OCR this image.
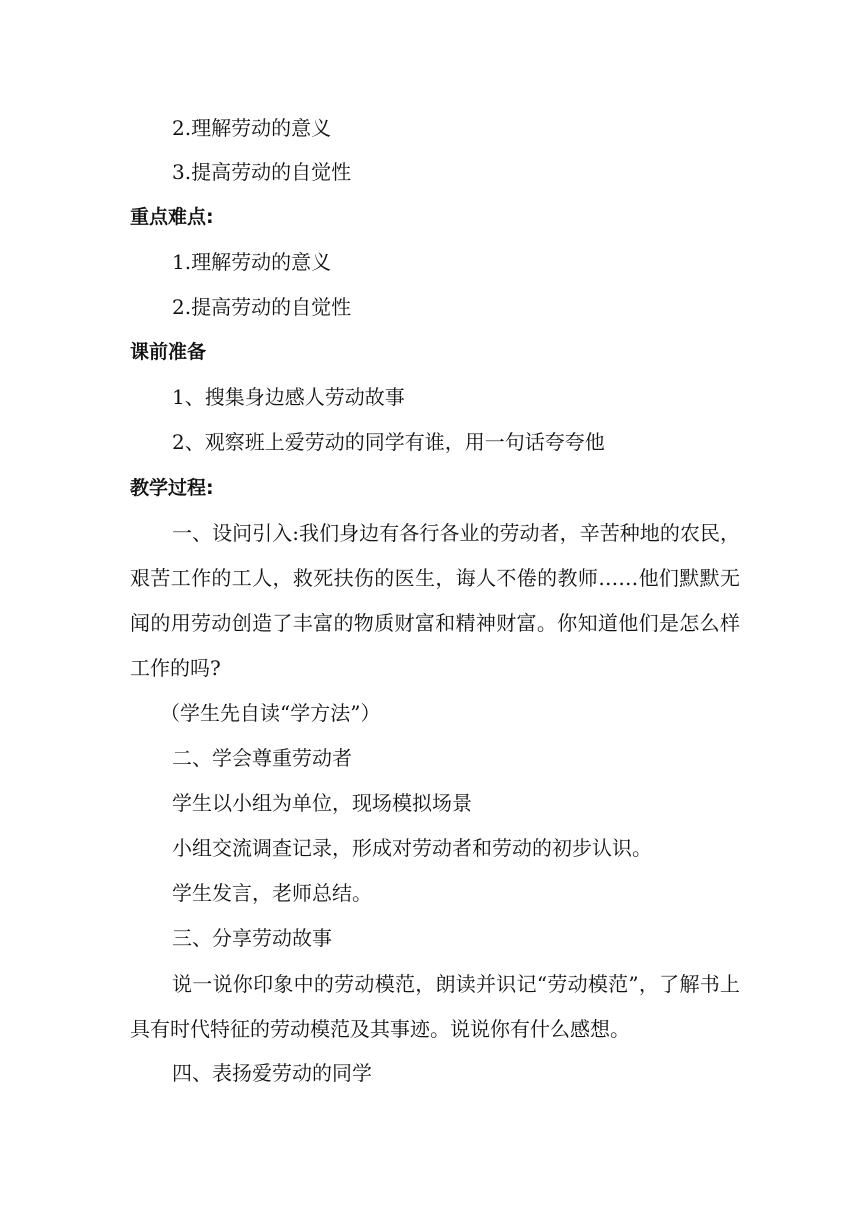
2.理解劳动的意义
3.提高劳动的自觉性
重点难点:
1.理解劳动的意义
2.提高劳动的自觉性
课前准备
1、搜集身边感人劳动故事
2、观察班上爱劳动的同学有谁，用一句话夸夸他
教学过程:
一、设问引入:我们身边有各行各业的劳动者，辛苦种地的农民，艰苦工作的工人，救死扶伤的医生，诲人不倦的教师……他们默默无闻的用劳动创造了丰富的物质财富和精神财富。你知道他们是怎么样工作的吗?
（学生先自读“学方法”）
二、学会尊重劳动者
学生以小组为单位，现场模拟场景
小组交流调查记录，形成对劳动者和劳动的初步认识。
学生发言，老师总结。
三、分享劳动故事
说一说你印象中的劳动模范，朗读并识记“劳动模范”，了解书上具有时代特征的劳动模范及其事迹。说说你有什么感想。
四、表扬爱劳动的同学
